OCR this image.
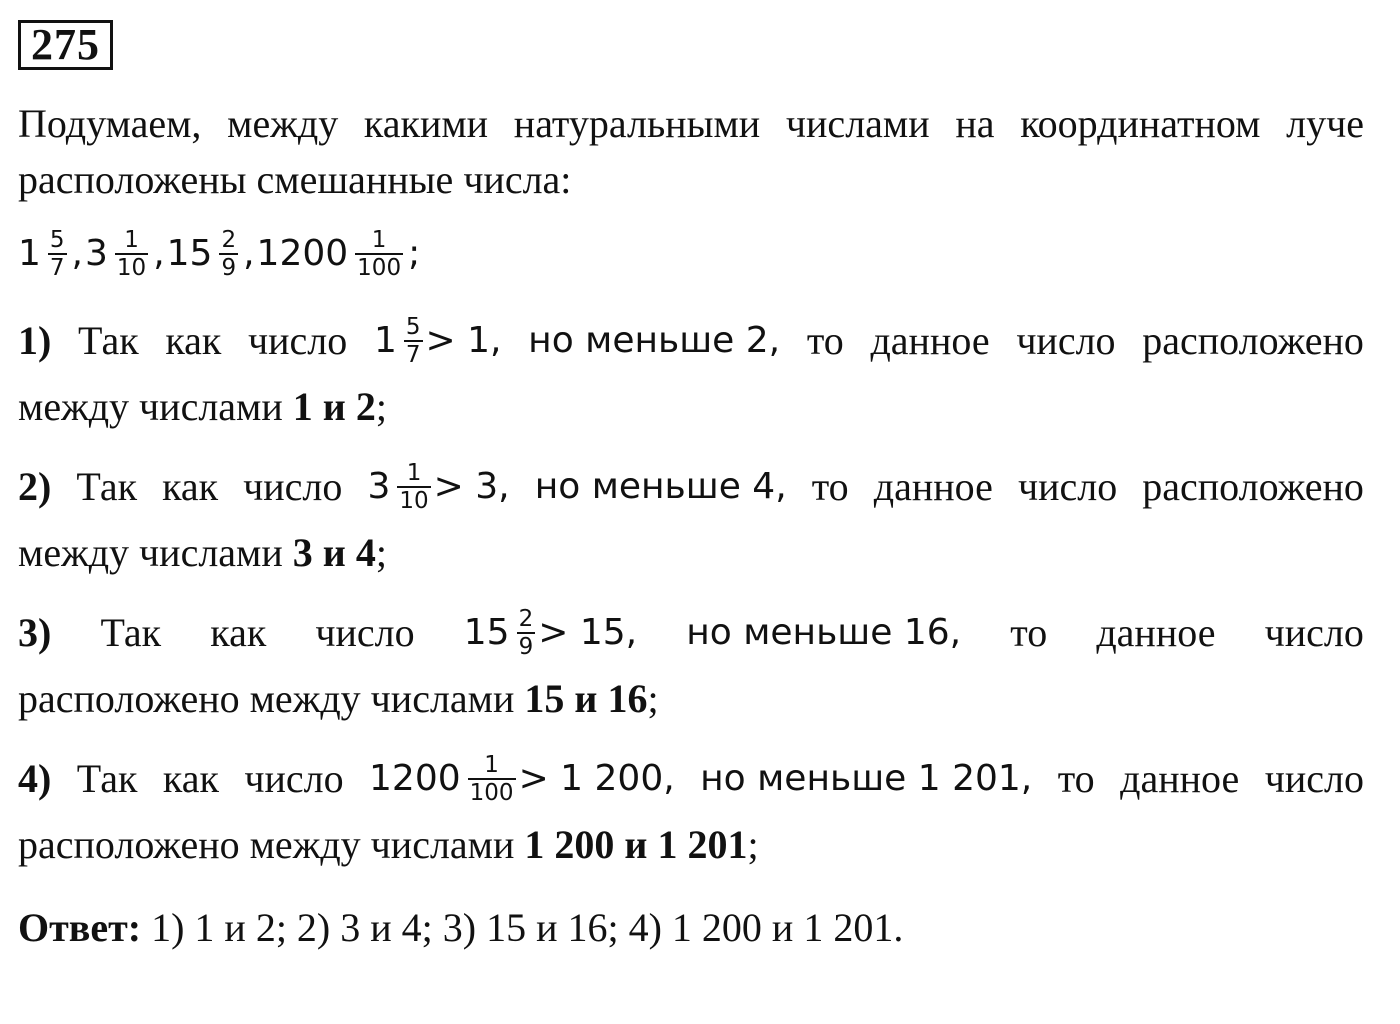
275
Подумаем, между какими натуральными числами на координатном луче расположены смешанные числа:
$1 \frac{5}{7}$ , $3 \frac{1}{10}$ , $15 \frac{2}{9}$ , $1200 \frac{1}{100}$ ;
1) Так как число $1 \frac{5}{7} > 1$, но меньше 2, то данное число расположено
между числами 1 и 2;
2) Так как число $3 \frac{1}{10} > 3$, но меньше 4, то данное число расположено
между числами 3 и 4;
3) Так как число $15 \frac{2}{9} > 15$, но меньше 16, то данное число
расположено между числами 15 и 16;
4) Так как число $1200 \frac{1}{100} > 1$ 200, но меньше 1 201, то данное число
расположено между числами 1 200 и 1 201;
Ответ: 1) 1 и 2; 2) 3 и 4; 3) 15 и 16; 4) 1 200 и 1 201.
